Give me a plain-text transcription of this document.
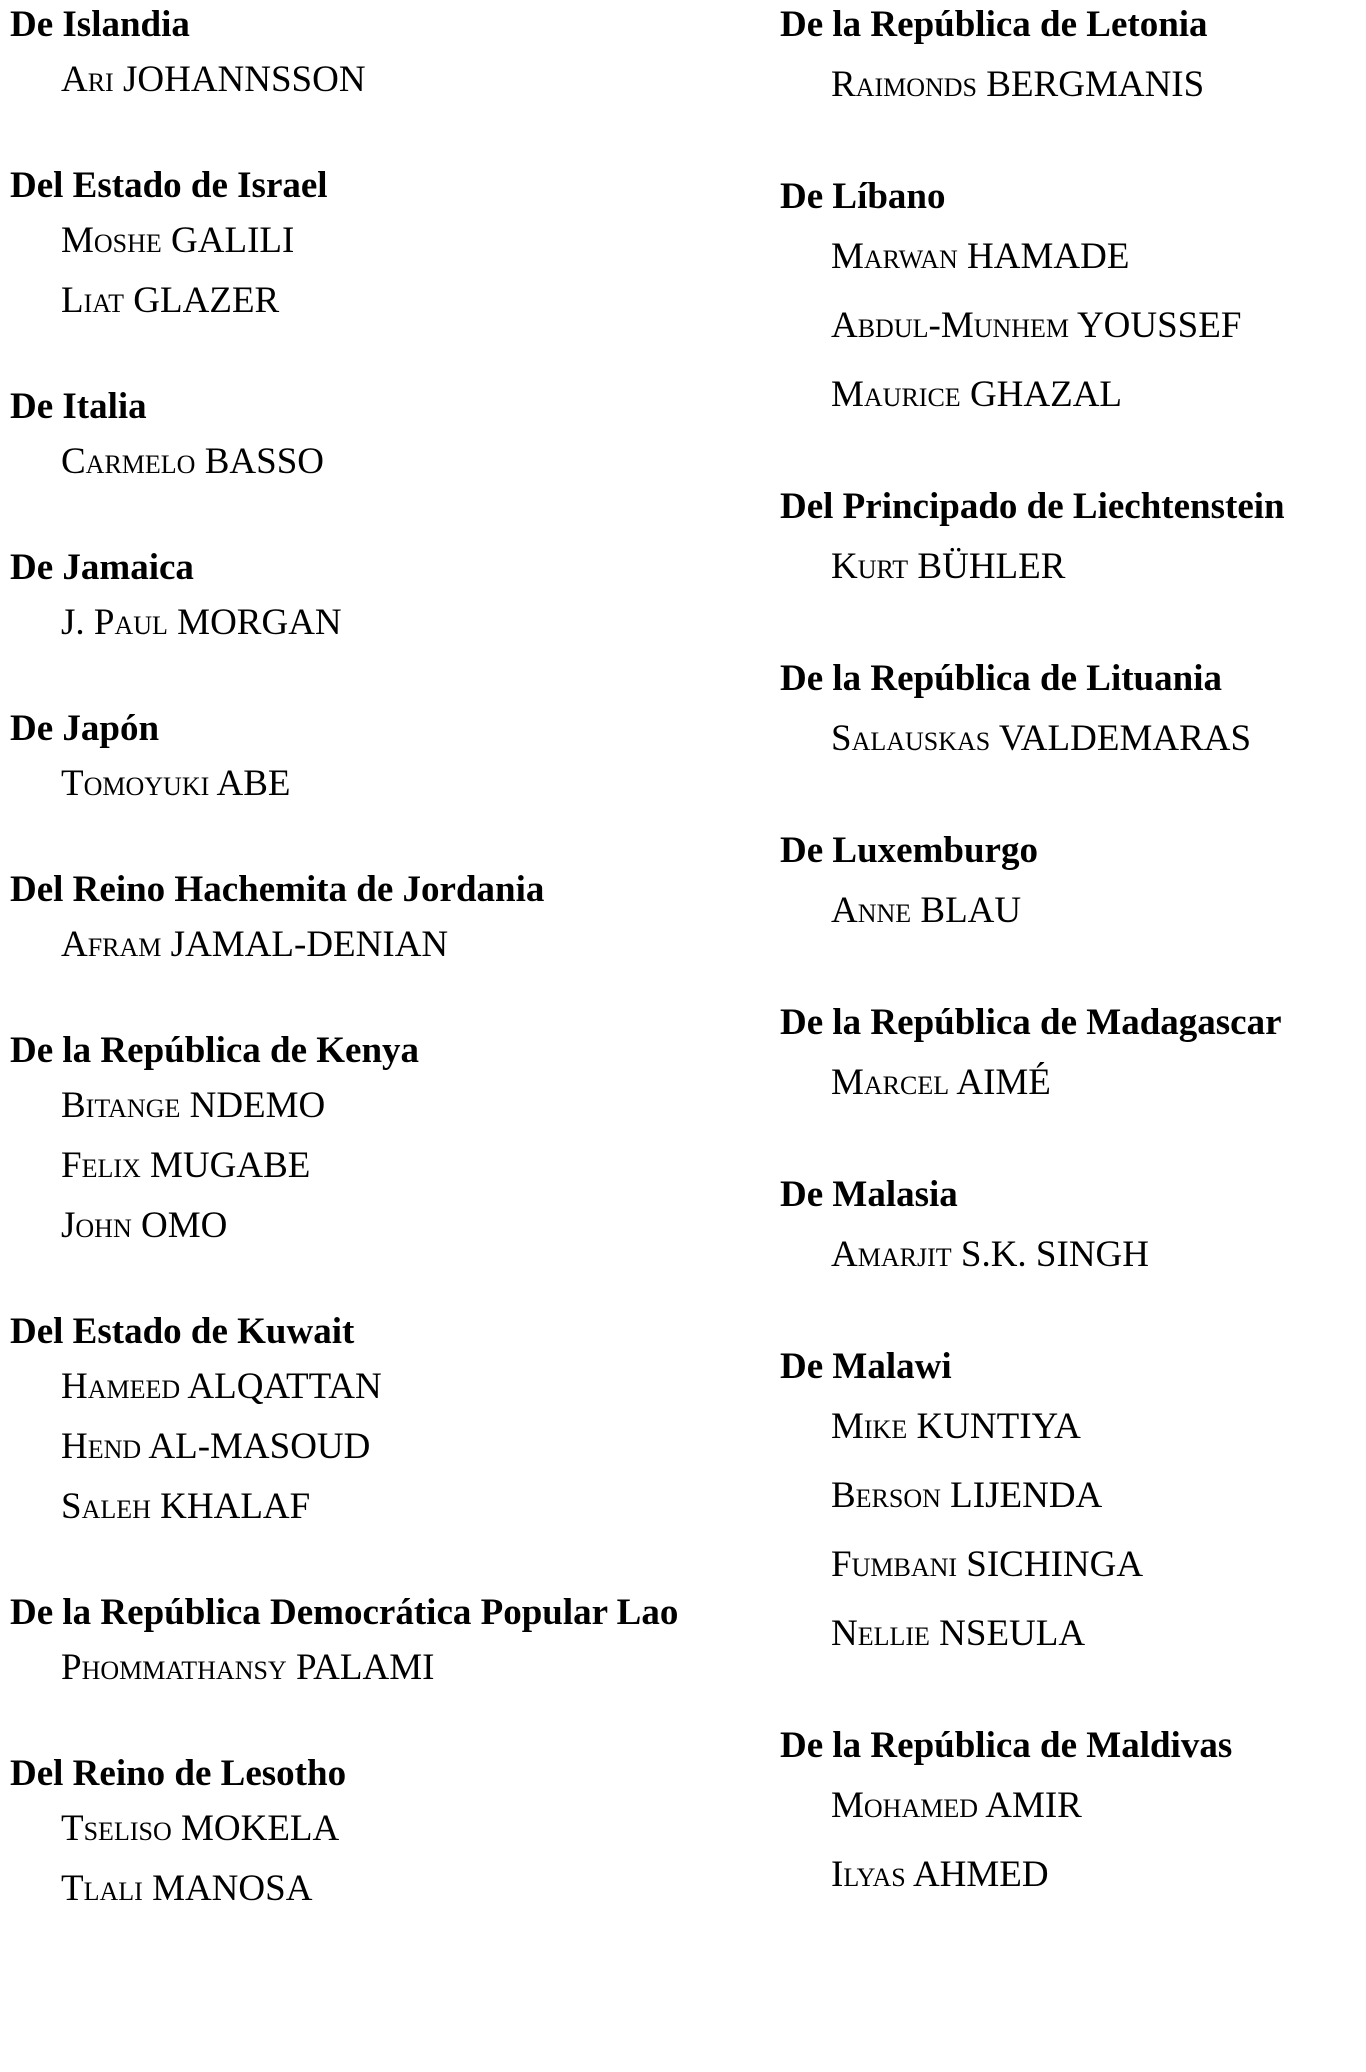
De Islandia
Ari JOHANNSSON
Del Estado de Israel
Moshe GALILI
Liat GLAZER
De Italia
Carmelo BASSO
De Jamaica
J. Paul MORGAN
De Japón
Tomoyuki ABE
Del Reino Hachemita de Jordania
Afram JAMAL-DENIAN
De la República de Kenya
Bitange NDEMO
Felix MUGABE
John OMO
Del Estado de Kuwait
Hameed ALQATTAN
Hend AL-MASOUD
Saleh KHALAF
De la República Democrática Popular Lao
Phommathansy PALAMI
Del Reino de Lesotho
Tseliso MOKELA
Tlali MANOSA
De la República de Letonia
Raimonds BERGMANIS
De Líbano
Marwan HAMADE
Abdul-Munhem YOUSSEF
Maurice GHAZAL
Del Principado de Liechtenstein
Kurt BÜHLER
De la República de Lituania
Salauskas VALDEMARAS
De Luxemburgo
Anne BLAU
De la República de Madagascar
Marcel AIMÉ
De Malasia
Amarjit S.K. SINGH
De Malawi
Mike KUNTIYA
Berson LIJENDA
Fumbani SICHINGA
Nellie NSEULA
De la República de Maldivas
Mohamed AMIR
Ilyas AHMED
